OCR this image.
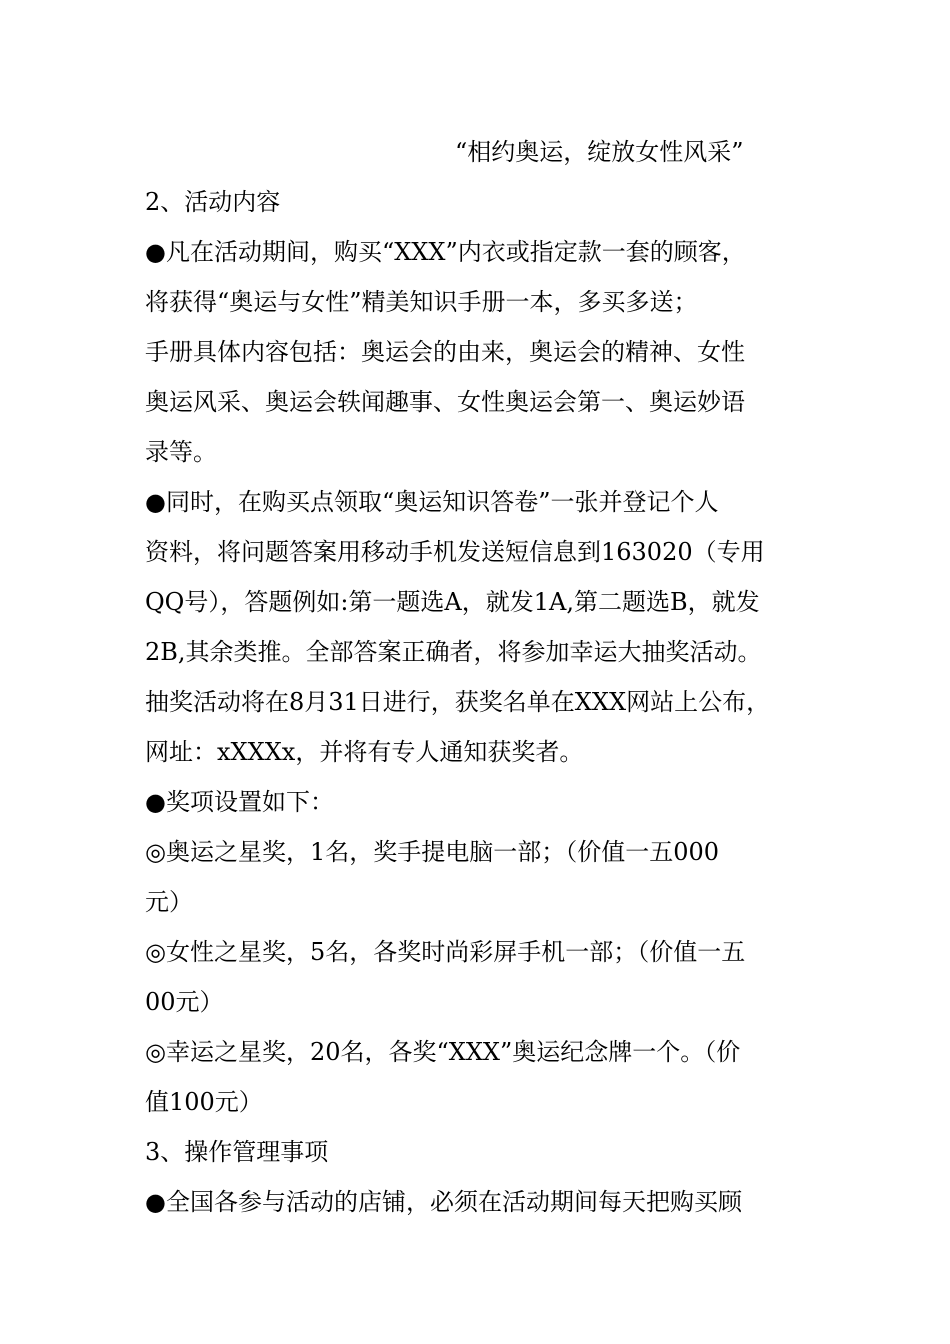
“相约奥运，绽放女性风采”
2、活动内容
●凡在活动期间，购买“XXX”内衣或指定款一套的顾客，
将获得“奥运与女性”精美知识手册一本，多买多送；
手册具体内容包括：奥运会的由来，奥运会的精神、女性
奥运风采、奥运会轶闻趣事、女性奥运会第一、奥运妙语
录等。
●同时，在购买点领取“奥运知识答卷”一张并登记个人
资料，将问题答案用移动手机发送短信息到163020（专用
QQ号），答题例如:第一题选A，就发1A,第二题选B，就发
2B,其余类推。全部答案正确者，将参加幸运大抽奖活动。
抽奖活动将在8月31日进行，获奖名单在XXX网站上公布，
网址：xXXXx，并将有专人通知获奖者。
●奖项设置如下：
◎奥运之星奖，1名，奖手提电脑一部；（价值一五000
元）
◎女性之星奖，5名，各奖时尚彩屏手机一部；（价值一五
00元）
◎幸运之星奖，20名，各奖“XXX”奥运纪念牌一个。（价
值100元）
3、操作管理事项
●全国各参与活动的店铺，必须在活动期间每天把购买顾
